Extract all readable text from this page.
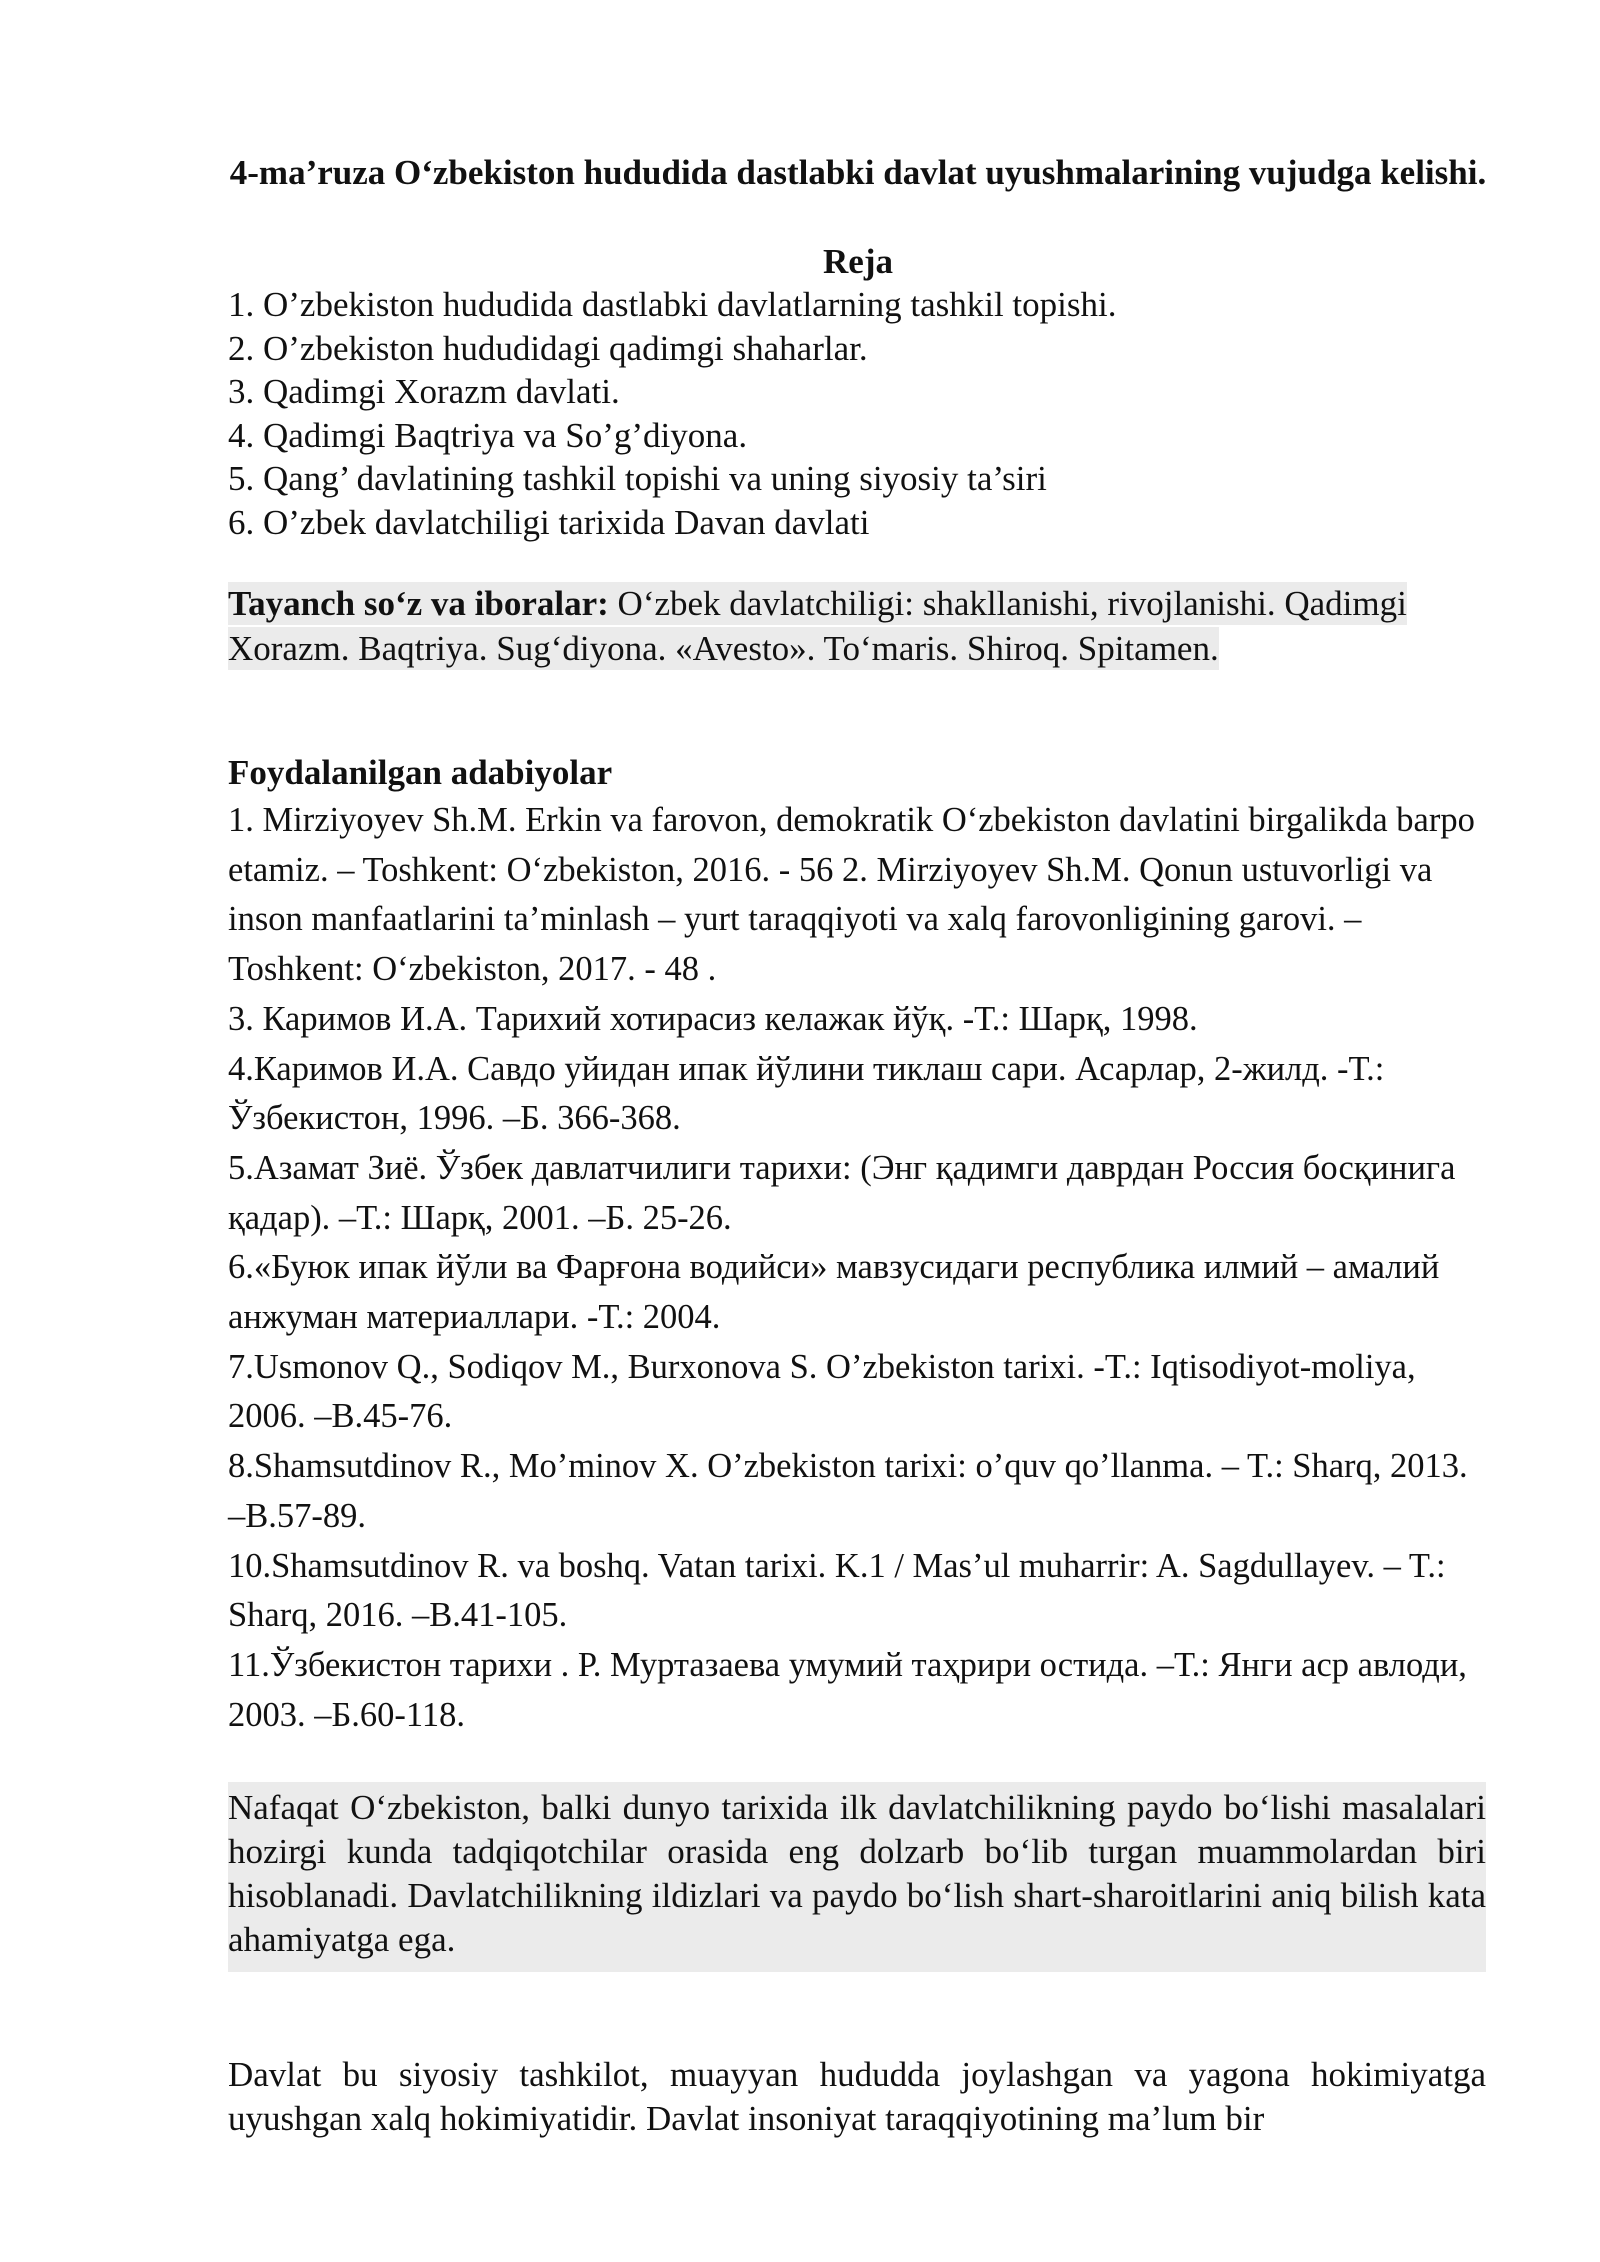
4-ma’ruza O‘zbekiston hududida dastlabki davlat uyushmalarining vujudga kelishi.
Reja
1. O’zbekiston hududida dastlabki davlatlarning tashkil topishi.
2. O’zbekiston hududidagi qadimgi shaharlar.
3. Qadimgi Xorazm davlati.
4. Qadimgi Baqtriya va So’g’diyona.
5. Qang’ davlatining tashkil topishi va uning siyosiy ta’siri
6. O’zbek davlatchiligi tarixida Davan davlati
Tayanch so‘z va iboralar: O‘zbek davlatchiligi: shakllanishi, rivojlanishi. Qadimgi Xorazm. Baqtriya. Sug‘diyona. «Avesto». To‘maris. Shiroq. Spitamen.
Foydalanilgan adabiyolar

1. Mirziyoyev Sh.M. Erkin va farovon, demokratik O‘zbekiston davlatini birgalikda barpo etamiz. – Toshkent: O‘zbekiston, 2016. - 56 2. Mirziyoyev Sh.M. Qonun ustuvorligi va inson manfaatlarini ta’minlash – yurt taraqqiyoti va xalq farovonligining garovi. – Toshkent: O‘zbekiston, 2017. - 48 .

3. Каримов И.А. Тарихий хотирасиз келажак йўқ. -Т.: Шарқ, 1998.

4.Каримов И.А. Савдо уйидан ипак йўлини тиклаш сари. Асарлар, 2-жилд. -Т.: Ўзбекистон, 1996. –Б. 366-368.

5.Азамат Зиё. Ўзбек давлатчилиги тарихи: (Энг қадимги даврдан Россия босқинига қадар). –Т.: Шарқ, 2001. –Б. 25-26.

6.«Буюк ипак йўли ва Фарғона водийси» мавзусидаги республика илмий – амалий анжуман материаллари. -Т.: 2004.

7.Usmonov Q., Sodiqov M., Burxonova S. O’zbekiston tarixi. -T.: Iqtisodiyot-moliya, 2006. –B.45-76.

8.Shamsutdinov R., Mo’minov X. O’zbekiston tarixi: o’quv qo’llanma. – T.: Sharq, 2013. –B.57-89.

10.Shamsutdinov R. va boshq. Vatan tarixi. K.1 / Mas’ul muharrir: A. Sagdullayev. – T.: Sharq, 2016. –B.41-105.

11.Ўзбекистон тарихи . Р. Муртазаева умумий таҳрири остида. –Т.: Янги аср авлоди, 2003. –Б.60-118.

Nafaqat O‘zbekiston, balki dunyo tarixida ilk davlatchilikning paydo bo‘lishi masalalari hozirgi kunda tadqiqotchilar orasida eng dolzarb bo‘lib turgan muammolardan biri hisoblanadi. Davlatchilikning ildizlari va paydo bo‘lish shart-sharoitlarini aniq bilish kata ahamiyatga ega.
Davlat bu siyosiy tashkilot, muayyan hududda joylashgan va yagona hokimiyatga uyushgan xalq hokimiyatidir. Davlat insoniyat taraqqiyotining ma’lum bir
